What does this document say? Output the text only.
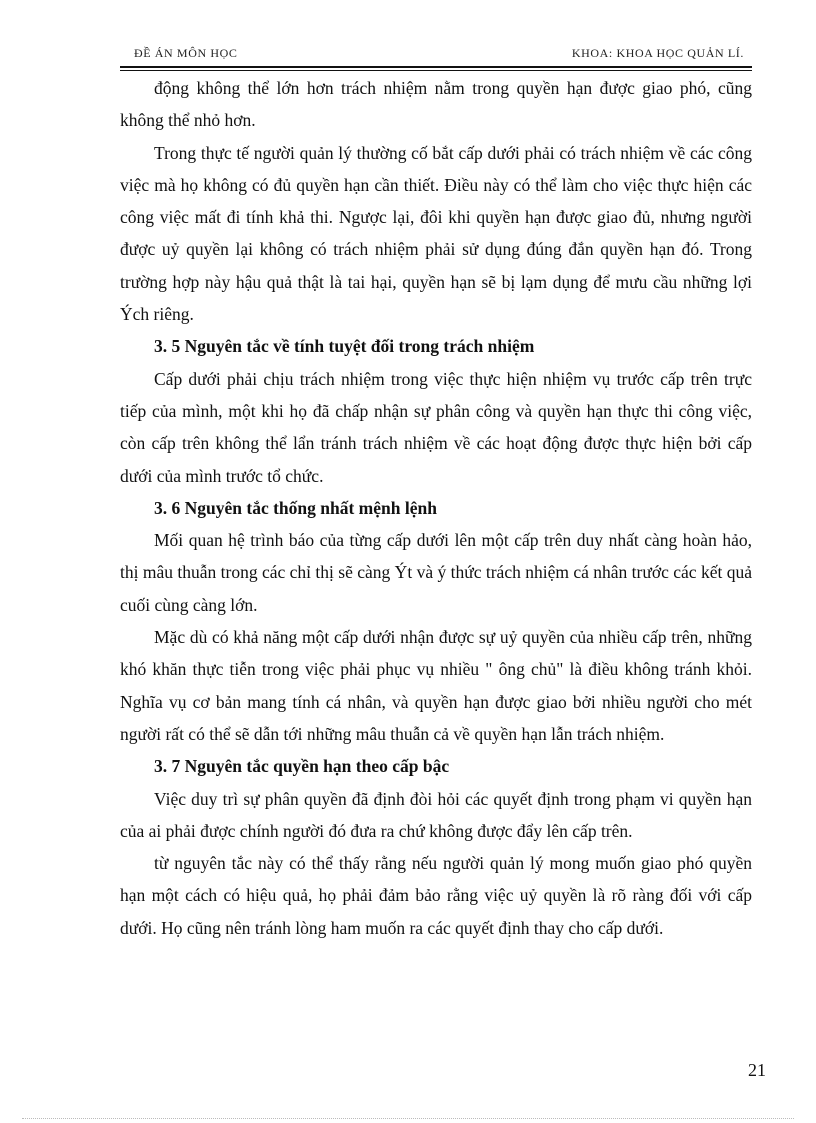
ĐỀ ÁN MÔN HỌC	KHOA: KHOA HỌC QUẢN LÍ.

động không thể lớn hơn trách nhiệm nằm trong quyền hạn được giao phó, cũng không thể nhỏ hơn.

Trong thực tế người quản lý thường cố bắt cấp dưới phải có trách nhiệm về các công việc mà họ không có đủ quyền hạn cần thiết. Điều này có thể làm cho việc thực hiện các công việc mất đi tính khả thi. Ngược lại, đôi khi quyền hạn được giao đủ, nhưng người được uỷ quyền lại không có trách nhiệm phải sử dụng đúng đắn quyền hạn đó. Trong trường hợp này hậu quả thật là tai hại, quyền hạn sẽ bị lạm dụng để mưu cầu những lợi Ých riêng.

3. 5 Nguyên tắc về tính tuyệt đối trong trách nhiệm

Cấp dưới phải chịu trách nhiệm trong việc thực hiện nhiệm vụ trước cấp trên trực tiếp của mình, một khi họ đã chấp nhận sự phân công và quyền hạn thực thi công việc, còn cấp trên không thể lẩn tránh trách nhiệm về các hoạt động được thực hiện bởi cấp dưới của mình trước tổ chức.

3. 6 Nguyên tắc thống nhất mệnh lệnh

Mối quan hệ trình báo của từng cấp dưới lên một cấp trên duy nhất càng hoàn hảo, thị mâu thuẫn trong các chỉ thị sẽ càng Ýt và ý thức trách nhiệm cá nhân trước các kết quả cuối cùng càng lớn.

Mặc dù có khả năng một cấp dưới nhận được sự uỷ quyền của nhiều cấp trên, những khó khăn thực tiễn trong việc phải phục vụ nhiều " ông chủ" là điều không tránh khỏi. Nghĩa vụ cơ bản mang tính cá nhân, và quyền hạn được giao bởi nhiều người cho mét người rất có thể sẽ dẫn tới những mâu thuẫn cả về quyền hạn lẫn trách nhiệm.

3. 7 Nguyên tắc quyền hạn theo cấp bậc

Việc duy trì sự phân quyền đã định đòi hỏi các quyết định trong phạm vi quyền hạn của ai phải được chính người đó đưa ra chứ không được đẩy lên cấp trên.

từ nguyên tắc này có thể thấy rằng nếu người quản lý mong muốn giao phó quyền hạn một cách có hiệu quả, họ phải đảm bảo rằng việc uỷ quyền là rõ ràng đối với cấp dưới. Họ cũng nên tránh lòng ham muốn ra các quyết định thay cho cấp dưới.

21
